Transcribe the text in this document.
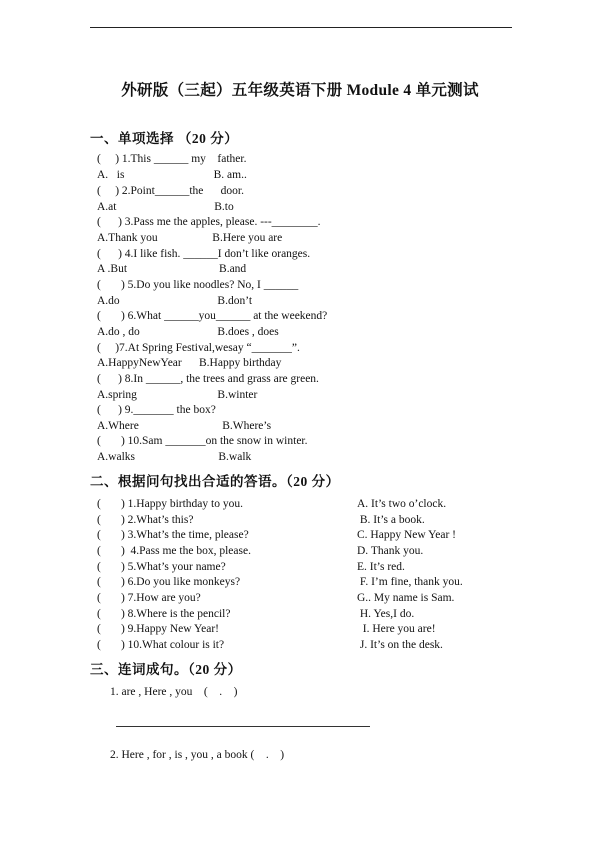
外研版（三起）五年级英语下册 Module 4 单元测试
一、单项选择 （20 分）
(     ) 1.This ______ my    father.
A.   is                               B. am..
(     ) 2.Point______the      door.
A.at                                  B.to
(      ) 3.Pass me the apples, please. ---________.
A.Thank you                   B.Here you are
(      ) 4.I like fish. ______I don’t like oranges.
A .But                                B.and
(       ) 5.Do you like noodles? No, I ______
A.do                                  B.don’t
(       ) 6.What ______you______ at the weekend?
A.do , do                           B.does , does
(     )7.At Spring Festival,wesay “_______”.
A.HappyNewYear      B.Happy birthday
(      ) 8.In ______, the trees and grass are green.
A.spring                            B.winter
(      ) 9._______ the box?
A.Where                             B.Where’s
(       ) 10.Sam _______on the snow in winter.
A.walks                             B.walk
二、根据问句找出合适的答语。（20 分）
(       ) 1.Happy birthday to you.	A. It’s two o’clock.
(       ) 2.What’s this?	B. It’s a book.
(       ) 3.What’s the time, please?	C. Happy New Year !
(       )  4.Pass me the box, please.	D. Thank you.
(       ) 5.What’s your name?	E. It’s red.
(       ) 6.Do you like monkeys?	F. I’m fine, thank you.
(       ) 7.How are you?	G.. My name is Sam.
(       ) 8.Where is the pencil?	H. Yes,I do.
(       ) 9.Happy New Year!	I. Here you are!
(       ) 10.What colour is it?	J. It’s on the desk.
三、连词成句。（20 分）
1. are , Here , you    (    .    )
2. Here , for , is , you , a book (    .    )
